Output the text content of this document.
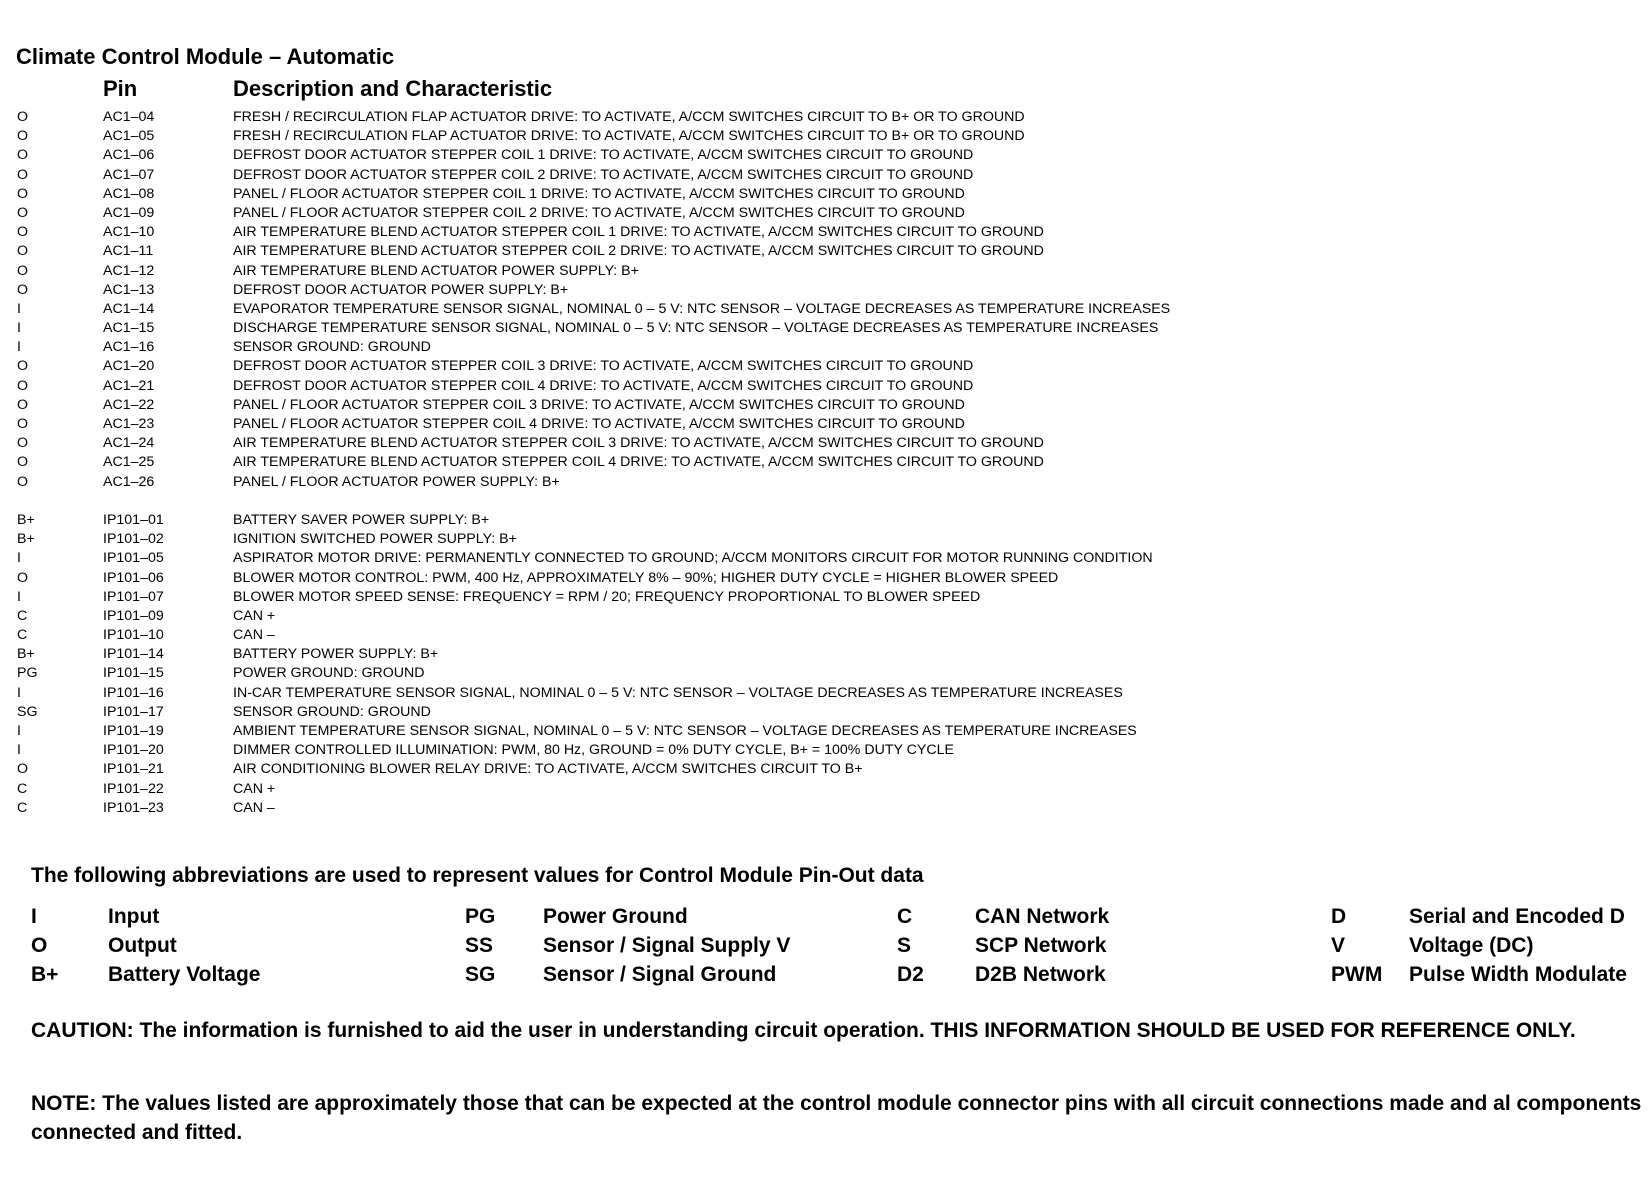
Climate Control Module – Automatic
Pin	Description and Characteristic
O	AC1–04	FRESH / RECIRCULATION FLAP ACTUATOR DRIVE: TO ACTIVATE, A/CCM SWITCHES CIRCUIT TO B+ OR TO GROUND
O	AC1–05	FRESH / RECIRCULATION FLAP ACTUATOR DRIVE: TO ACTIVATE, A/CCM SWITCHES CIRCUIT TO B+ OR TO GROUND
O	AC1–06	DEFROST DOOR ACTUATOR STEPPER COIL 1 DRIVE: TO ACTIVATE, A/CCM SWITCHES CIRCUIT TO GROUND
O	AC1–07	DEFROST DOOR ACTUATOR STEPPER COIL 2 DRIVE: TO ACTIVATE, A/CCM SWITCHES CIRCUIT TO GROUND
O	AC1–08	PANEL / FLOOR ACTUATOR STEPPER COIL 1 DRIVE: TO ACTIVATE, A/CCM SWITCHES CIRCUIT TO GROUND
O	AC1–09	PANEL / FLOOR ACTUATOR STEPPER COIL 2 DRIVE: TO ACTIVATE, A/CCM SWITCHES CIRCUIT TO GROUND
O	AC1–10	AIR TEMPERATURE BLEND ACTUATOR STEPPER COIL 1 DRIVE: TO ACTIVATE, A/CCM SWITCHES CIRCUIT TO GROUND
O	AC1–11	AIR TEMPERATURE BLEND ACTUATOR STEPPER COIL 2 DRIVE: TO ACTIVATE, A/CCM SWITCHES CIRCUIT TO GROUND
O	AC1–12	AIR TEMPERATURE BLEND ACTUATOR POWER SUPPLY: B+
O	AC1–13	DEFROST DOOR ACTUATOR POWER SUPPLY: B+
I	AC1–14	EVAPORATOR TEMPERATURE SENSOR SIGNAL, NOMINAL 0 – 5 V: NTC SENSOR – VOLTAGE DECREASES AS TEMPERATURE INCREASES
I	AC1–15	DISCHARGE TEMPERATURE SENSOR SIGNAL, NOMINAL 0 – 5 V: NTC SENSOR – VOLTAGE DECREASES AS TEMPERATURE INCREASES
I	AC1–16	SENSOR GROUND: GROUND
O	AC1–20	DEFROST DOOR ACTUATOR STEPPER COIL 3 DRIVE: TO ACTIVATE, A/CCM SWITCHES CIRCUIT TO GROUND
O	AC1–21	DEFROST DOOR ACTUATOR STEPPER COIL 4 DRIVE: TO ACTIVATE, A/CCM SWITCHES CIRCUIT TO GROUND
O	AC1–22	PANEL / FLOOR ACTUATOR STEPPER COIL 3 DRIVE: TO ACTIVATE, A/CCM SWITCHES CIRCUIT TO GROUND
O	AC1–23	PANEL / FLOOR ACTUATOR STEPPER COIL 4 DRIVE: TO ACTIVATE, A/CCM SWITCHES CIRCUIT TO GROUND
O	AC1–24	AIR TEMPERATURE BLEND ACTUATOR STEPPER COIL 3 DRIVE: TO ACTIVATE, A/CCM SWITCHES CIRCUIT TO GROUND
O	AC1–25	AIR TEMPERATURE BLEND ACTUATOR STEPPER COIL 4 DRIVE: TO ACTIVATE, A/CCM SWITCHES CIRCUIT TO GROUND
O	AC1–26	PANEL / FLOOR ACTUATOR POWER SUPPLY: B+
B+	IP101–01	BATTERY SAVER POWER SUPPLY: B+
B+	IP101–02	IGNITION SWITCHED POWER SUPPLY: B+
I	IP101–05	ASPIRATOR MOTOR DRIVE: PERMANENTLY CONNECTED TO GROUND; A/CCM MONITORS CIRCUIT FOR MOTOR RUNNING CONDITION
O	IP101–06	BLOWER MOTOR CONTROL: PWM, 400 Hz, APPROXIMATELY 8% – 90%; HIGHER DUTY CYCLE = HIGHER BLOWER SPEED
I	IP101–07	BLOWER MOTOR SPEED SENSE: FREQUENCY = RPM / 20; FREQUENCY PROPORTIONAL TO BLOWER SPEED
C	IP101–09	CAN +
C	IP101–10	CAN –
B+	IP101–14	BATTERY POWER SUPPLY: B+
PG	IP101–15	POWER GROUND: GROUND
I	IP101–16	IN-CAR TEMPERATURE SENSOR SIGNAL, NOMINAL 0 – 5 V: NTC SENSOR – VOLTAGE DECREASES AS TEMPERATURE INCREASES
SG	IP101–17	SENSOR GROUND: GROUND
I	IP101–19	AMBIENT TEMPERATURE SENSOR SIGNAL, NOMINAL 0 – 5 V: NTC SENSOR – VOLTAGE DECREASES AS TEMPERATURE INCREASES
I	IP101–20	DIMMER CONTROLLED ILLUMINATION: PWM, 80 Hz, GROUND = 0% DUTY CYCLE, B+ = 100% DUTY CYCLE
O	IP101–21	AIR CONDITIONING BLOWER RELAY DRIVE: TO ACTIVATE, A/CCM SWITCHES CIRCUIT TO B+
C	IP101–22	CAN +
C	IP101–23	CAN –
The following abbreviations are used to represent values for Control Module Pin-Out data
I	Input	PG Power Ground	C	CAN Network	D	Serial and Encoded D
O	Output	SS Sensor / Signal Supply V	S	SCP Network	V	Voltage (DC)
B+ Battery Voltage	SG Sensor / Signal Ground	D2 D2B Network	PWM Pulse Width Modulate
CAUTION: The information is furnished to aid the user in understanding circuit operation. THIS INFORMATION SHOULD BE USED FOR REFERENCE ONLY.
NOTE: The values listed are approximately those that can be expected at the control module connector pins with all circuit connections made and al components connected and fitted.
